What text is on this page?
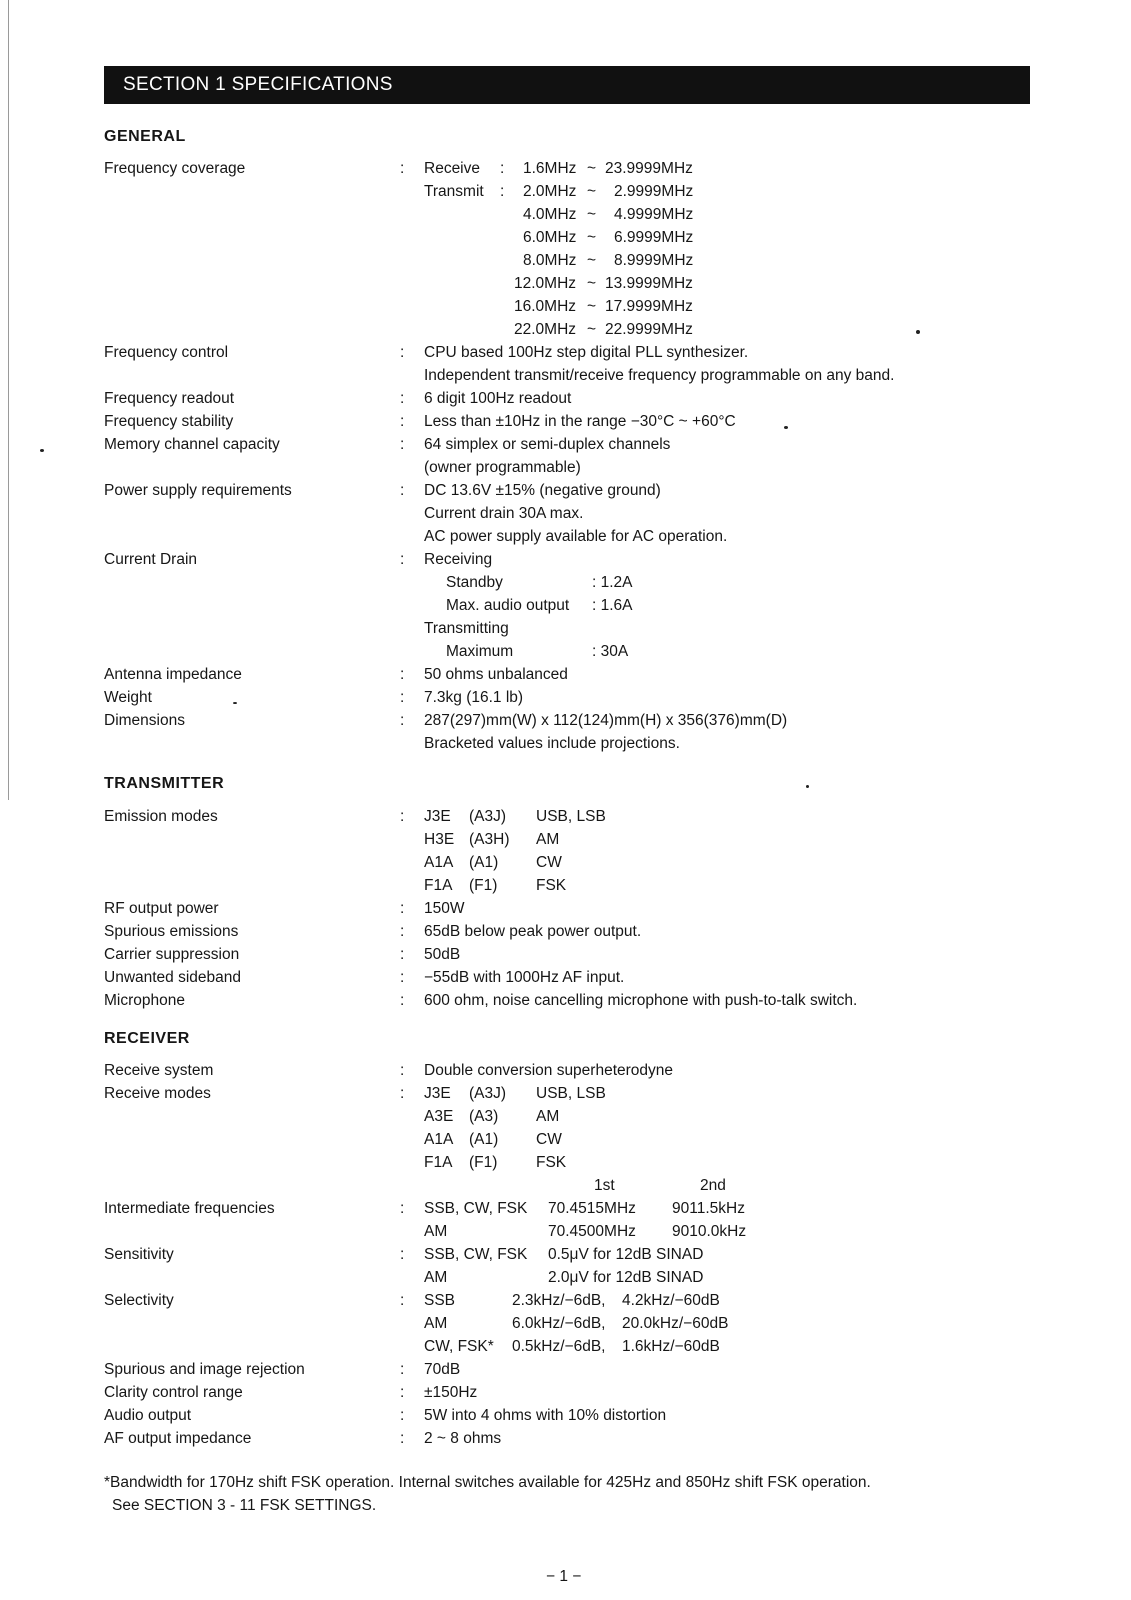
SECTION 1 SPECIFICATIONS
GENERAL
Frequency coverage	: Receive : 1.6MHz ~ 23.9999MHz
Transmit : 2.0MHz ~ 2.9999MHz
4.0MHz ~ 4.9999MHz
6.0MHz ~ 6.9999MHz
8.0MHz ~ 8.9999MHz
12.0MHz ~ 13.9999MHz
16.0MHz ~ 17.9999MHz
22.0MHz ~ 22.9999MHz
Frequency control	: CPU based 100Hz step digital PLL synthesizer.
Independent transmit/receive frequency programmable on any band.
Frequency readout	: 6 digit 100Hz readout
Frequency stability	: Less than ±10Hz in the range −30°C ~ +60°C
Memory channel capacity	: 64 simplex or semi-duplex channels
(owner programmable)
Power supply requirements	: DC 13.6V ±15% (negative ground)
Current drain 30A max.
AC power supply available for AC operation.
Current Drain	: Receiving
Standby	: 1.2A
Max. audio output : 1.6A
Transmitting
Maximum	: 30A
Antenna impedance	: 50 ohms unbalanced
Weight	: 7.3kg (16.1 lb)
Dimensions	: 287(297)mm(W) x 112(124)mm(H) x 356(376)mm(D)
Bracketed values include projections.
TRANSMITTER
Emission modes	: J3E (A3J) USB, LSB
H3E (A3H) AM
A1A (A1) CW
F1A (F1) FSK
RF output power	: 150W
Spurious emissions	: 65dB below peak power output.
Carrier suppression	: 50dB
Unwanted sideband	: −55dB with 1000Hz AF input.
Microphone	: 600 ohm, noise cancelling microphone with push-to-talk switch.
RECEIVER
Receive system	: Double conversion superheterodyne
Receive modes	: J3E (A3J) USB, LSB
A3E (A3) AM
A1A (A1) CW
F1A (F1) FSK
1st	2nd
Intermediate frequencies	: SSB, CW, FSK 70.4515MHz 9011.5kHz
AM	70.4500MHz 9010.0kHz
Sensitivity	: SSB, CW, FSK 0.5μV for 12dB SINAD
AM	2.0μV for 12dB SINAD
Selectivity	: SSB	2.3kHz/−6dB, 4.2kHz/−60dB
AM	6.0kHz/−6dB, 20.0kHz/−60dB
CW, FSK* 0.5kHz/−6dB, 1.6kHz/−60dB
Spurious and image rejection	: 70dB
Clarity control range	: ±150Hz
Audio output	: 5W into 4 ohms with 10% distortion
AF output impedance	: 2 ~ 8 ohms
*Bandwidth for 170Hz shift FSK operation. Internal switches available for 425Hz and 850Hz shift FSK operation.
See SECTION 3 - 11 FSK SETTINGS.
− 1 −
